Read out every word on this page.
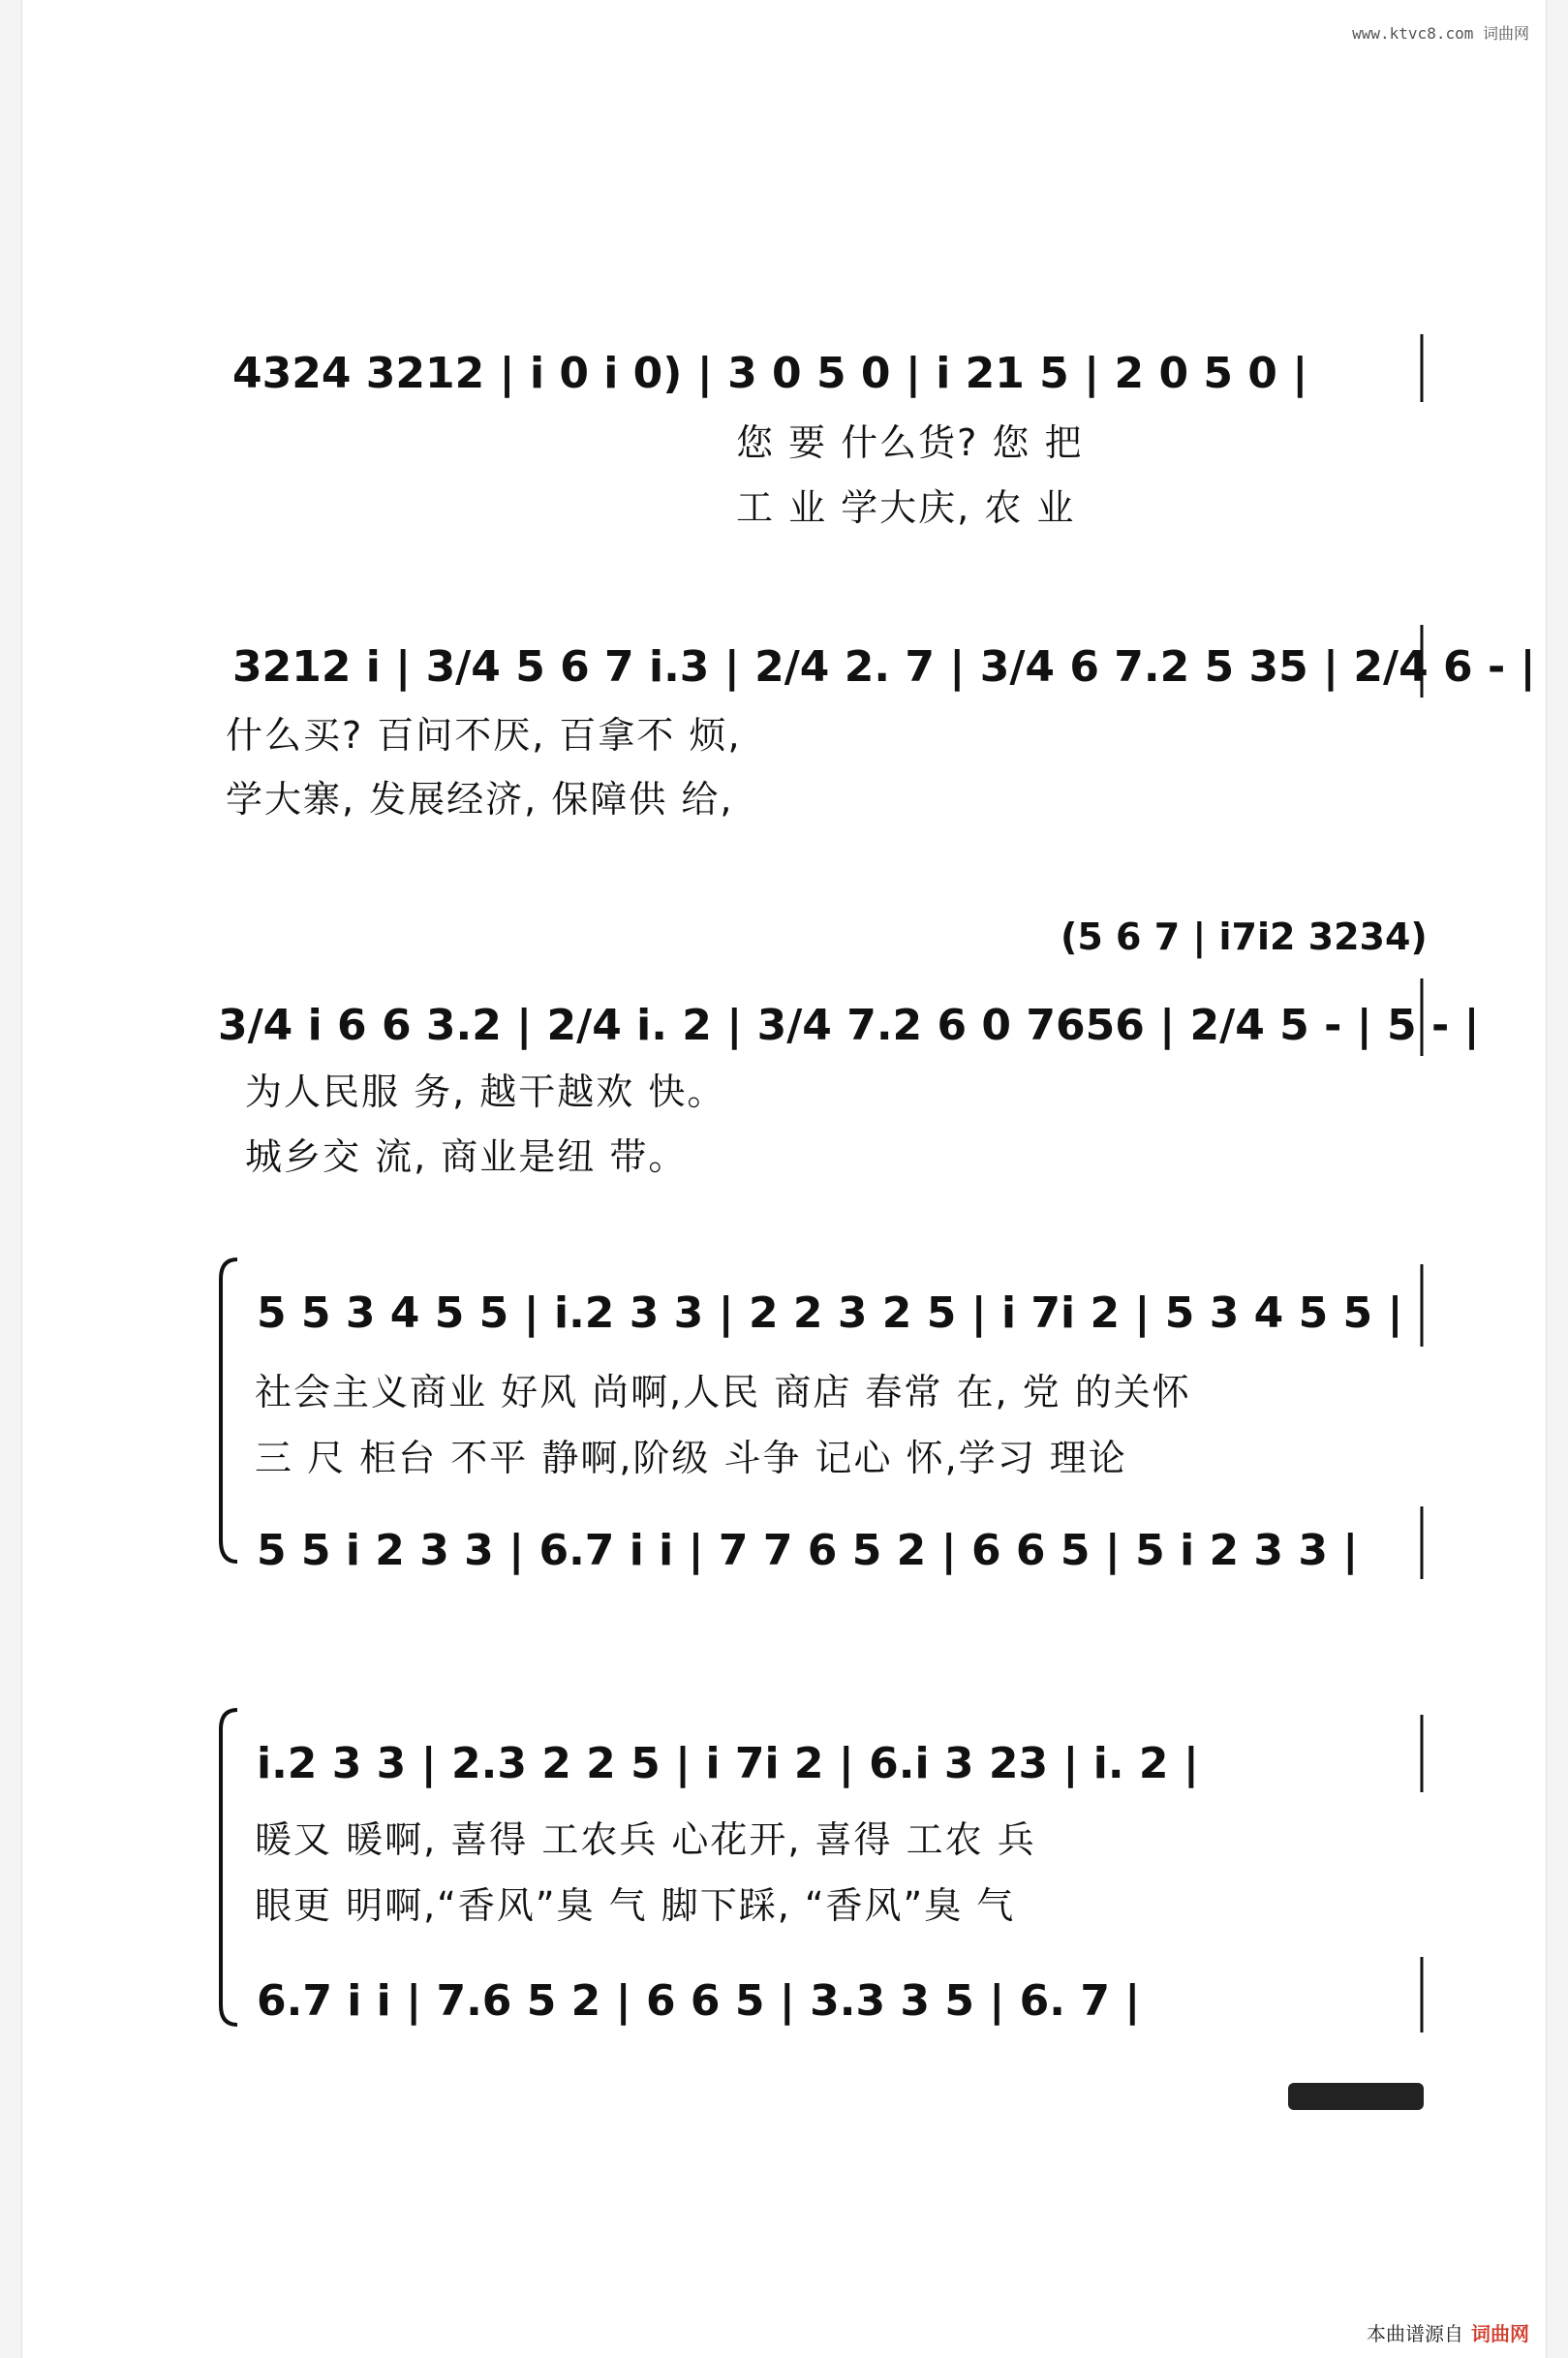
www.ktvc8.com 词曲网
4324 3212 | i 0 i 0) | 3 0 5 0 | i 21 5 | 2 0 5 0 |
您 要 什么货? 您 把
工 业 学大庆, 农 业
3212 i | 3/4 5 6 7 i.3 | 2/4 2. 7 | 3/4 6 7.2 5 35 | 2/4 6 - |
什么买? 百问不厌, 百拿不 烦,
学大寨, 发展经济, 保障供 给,
(5 6 7 | i7i2 3234)
3/4 i 6 6 3.2 | 2/4 i. 2 | 3/4 7.2 6 0 7656 | 2/4 5 - | 5 - |
为人民服 务, 越干越欢 快。
城乡交 流, 商业是纽 带。
5 5 3 4 5 5 | i.2 3 3 | 2 2 3 2 5 | i 7i 2 | 5 3 4 5 5 |
社会主义商业 好风 尚啊,人民 商店 春常 在, 党 的关怀
三 尺 柜台 不平 静啊,阶级 斗争 记心 怀,学习 理论
5 5 i 2 3 3 | 6.7 i i | 7 7 6 5 2 | 6 6 5 | 5 i 2 3 3 |
i.2 3 3 | 2.3 2 2 5 | i 7i 2 | 6.i 3 23 | i. 2 |
暖又 暖啊, 喜得 工农兵 心花开, 喜得 工农 兵
眼更 明啊,“香风”臭 气 脚下踩, “香风”臭 气
6.7 i i | 7.6 5 2 | 6 6 5 | 3.3 3 5 | 6. 7 |
本曲谱源自 词曲网
